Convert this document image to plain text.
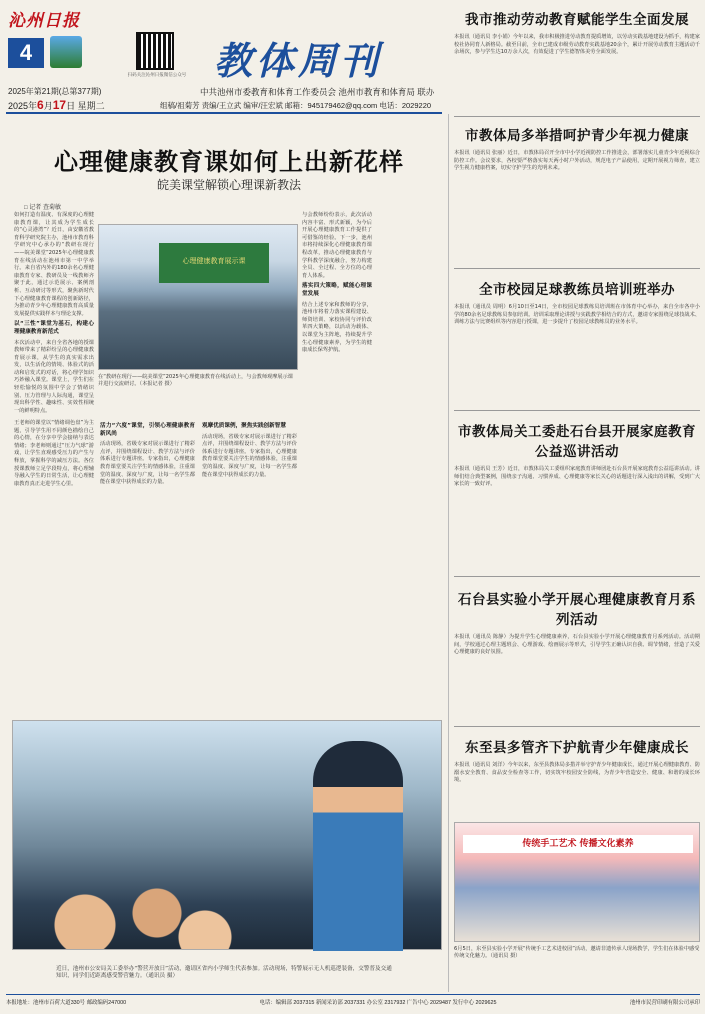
沁州日报
4
扫码关注沁州日报微信公众号 教体周刊
2025年第21期(总第377期)	中共池州市委教育和体育工作委员会 池州市教育和体育局 联办
2025年6月17日 星期二	组稿/祖菊芳 责编/王立武 编审/汪宏斌 邮箱：945179462@qq.com 电话：2029220
心理健康教育课如何上出新花样
皖美课堂解锁心理课新教法
□ 记者 查菊敏
如何打造有温度、有深度的心理健康教育课，让其成为学生成长的“心灵港湾”？近日，由安徽省教育科学研究院主办，池州市教育科学研究中心承办的“教研在现行——皖美课堂”2025年心理健康教育在线活动在池州市第一中学举行。来自省内外的180余名心理健康教育专家、教研员及一线教师齐聚于此，通过示范展示、案例剖析、互动研讨等形式，聚焦新时代下心理健康教育课程的创新路径，为推动青少年心理健康教育高质量发展提供实践样本与理论支撑。
以“三性”课堂为基石，构建心理健康教育新范式
本次活动中，来自全省各地的授课教师带来了精彩纷呈的心理健康教育展示课，从学生的真实需求出发，以生活化的情境、体验式的活动和启发式的对话，将心理学知识巧妙融入课堂。课堂上，学生们在轻松愉悦的氛围中学会了情绪识别、压力管理与人际沟通，课堂呈现出科学性、趣味性、实效性相统一的鲜明特点。
心理健康教育展示课
在“教研在现行——皖美课堂”2025年心理健康教育在线活动上，与会教师观摩展示课并进行交流研讨。（本报记者 摄）
与会教师纷纷表示，此次活动内容丰富、形式新颖，为今后开展心理健康教育工作提供了可借鉴的经验。下一步，池州市将持续深化心理健康教育课程改革，推动心理健康教育与学科教学深度融合，努力构建全员、全过程、全方位的心理育人体系。
落实四大策略，赋能心理课堂发展
结合上述专家和教师的分享，池州市将着力落实课程建设、师资培训、家校协同与评价改革四大策略，以活动为载体、以课堂为主阵地，持续提升学生心理健康素养，为学生的健康成长保驾护航。
王老师的课堂以“情绪调色盘”为主题，引导学生用不同颜色描绘自己的心情，在分享中学会接纳与表达情绪；李老师则通过“压力气球”游戏，让学生直观感受压力的产生与释放，掌握科学的减压方法。各位授课教师立足学段特点，将心理辅导融入学生的日常生活，让心理健康教育真正走进学生心里。
活力“六度”课堂，引领心理健康教育新风尚
活动现场，省级专家对展示课进行了精彩点评，并围绕课程设计、教学方法与评价体系进行专题讲座。专家指出，心理健康教育课堂要关注学生的情感体验，注重课堂的温度、深度与广度，让每一名学生都能在课堂中获得成长的力量。
观摩优质课例，聚焦实践创新智慧
活动现场，省级专家对展示课进行了精彩点评，并围绕课程设计、教学方法与评价体系进行专题讲座。专家指出，心理健康教育课堂要关注学生的情感体验，注重课堂的温度、深度与广度，让每一名学生都能在课堂中获得成长的力量。
近日，池州市公安局关工委举办“警营开放日”活动，邀请区省内小学师生代表参加。活动现场，特警展示无人机巡逻装备，交警普及交通知识，同学们近距离感受警营魅力。（通讯员 摄）
我市推动劳动教育赋能学生全面发展

本报讯（通讯员 李小娟）今年以来，我市积极推进劳动教育提质增效，以劳动实践基地建设为抓手，构建家校社协同育人新格局。截至目前，全市已建成市级劳动教育实践基地20余个，累计开展劳动教育主题活动千余场次，参与学生达10万余人次，有效促进了学生德智体美劳全面发展。

市教体局多举措呵护青少年视力健康

本报讯（通讯员 张丽）近日，市教体局召开全市中小学近视防控工作推进会，部署落实儿童青少年近视综合防控工作。会议要求，各校要严格落实每天两小时户外活动，规范电子产品使用，定期开展视力筛查，建立学生视力健康档案，切实守护学生的光明未来。

全市校园足球教练员培训班举办

本报讯（通讯员 周明）6月10日至14日，全市校园足球教练员培训班在市体育中心举办，来自全市各中小学的80余名足球教练员参加培训。培训采取理论讲授与实践教学相结合的方式，邀请专家围绕足球技战术、训练方法与比赛组织等内容进行授课，进一步提升了校园足球教练员的业务水平。

市教体局关工委赴石台县开展家庭教育公益巡讲活动

本报讯（通讯员 王芳）近日，市教体局关工委组织家庭教育讲师团赴石台县开展家庭教育公益巡讲活动。讲师们结合典型案例，围绕亲子沟通、习惯养成、心理健康等家长关心的话题进行深入浅出的讲解，受到广大家长的一致好评。

石台县实验小学开展心理健康教育月系列活动

本报讯（通讯员 陈静）为提升学生心理健康素养，石台县实验小学开展心理健康教育月系列活动。活动期间，学校通过心理主题班会、心理游戏、绘画展示等形式，引导学生正确认识自我、调节情绪，营造了关爱心理健康的良好氛围。

东至县多管齐下护航青少年健康成长

本报讯（通讯员 刘洋）今年以来，东至县教体局多措并举守护青少年健康成长，通过开展心理健康教育、防溺水安全教育、食品安全检查等工作，切实筑牢校园安全防线，为青少年营造安全、健康、和谐的成长环境。

传统手工艺术 传播文化素养
6月5日，东至县实验小学开展“传统手工艺术进校园”活动，邀请非遗传承人现场教学，学生们在体验中感受传统文化魅力。（通讯员 摄）
本报地址：池州市百荷大道330号 邮政编码247000	电话：编辑部 2037315 新闻采访部 2037331 办公室 2317932 广告中心 2029487 发行中心 2029625	池州市民营印刷有限公司承印
